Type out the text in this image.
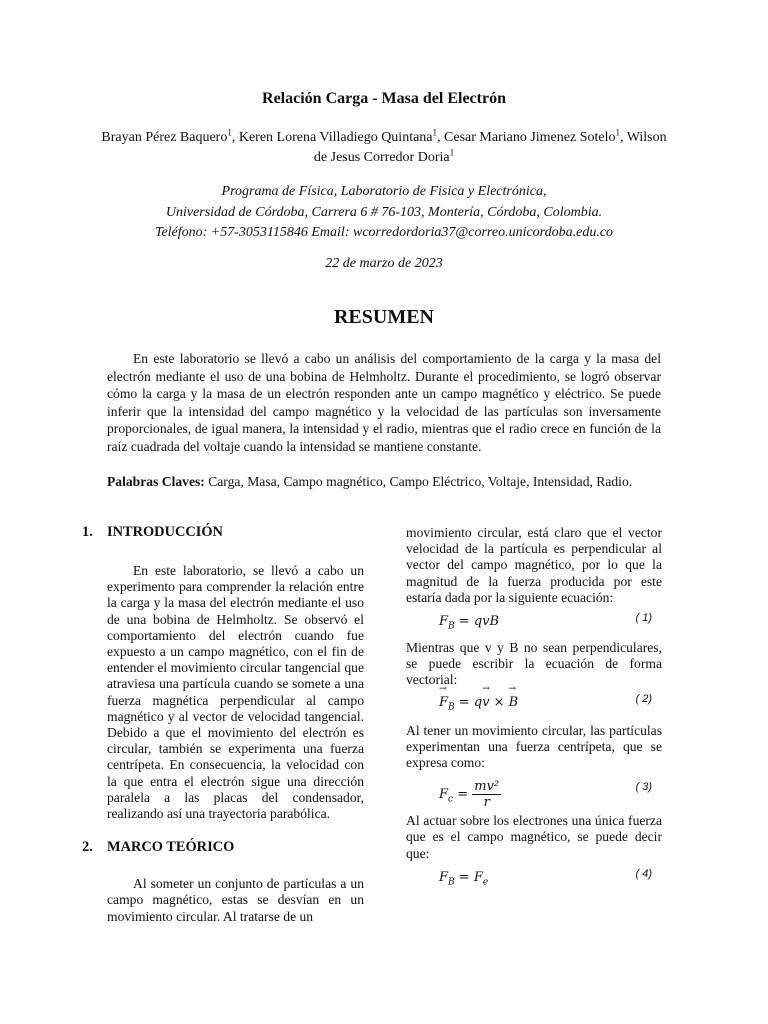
Relación Carga - Masa del Electrón
Brayan Pérez Baquero$^1$, Keren Lorena Villadiego Quintana$^1$, Cesar Mariano Jimenez Sotelo$^1$, Wilson de Jesus Corredor Doria$^1$
Programa de Física, Laboratorio de Fisica y Electrónica,
Universidad de Córdoba, Carrera 6 # 76-103, Montería, Córdoba, Colombia.
Teléfono: +57-3053115846 Email: wcorredordoria37@correo.unicordoba.edu.co
22 de marzo de 2023
RESUMEN

En este laboratorio se llevó a cabo un análisis del comportamiento de la carga y la masa del electrón mediante el uso de una bobina de Helmholtz. Durante el procedimiento, se logró observar cómo la carga y la masa de un electrón responden ante un campo magnético y eléctrico. Se puede inferir que la intensidad del campo magnético y la velocidad de las partículas son inversamente proporcionales, de igual manera, la intensidad y el radio, mientras que el radio crece en función de la raíz cuadrada del voltaje cuando la intensidad se mantiene constante.

Palabras Claves: Carga, Masa, Campo magnético, Campo Eléctrico, Voltaje, Intensidad, Radio.

1. INTRODUCCIÓN

En este laboratorio, se llevó a cabo un experimento para comprender la relación entre la carga y la masa del electrón mediante el uso de una bobina de Helmholtz. Se observó el comportamiento del electrón cuando fue expuesto a un campo magnético, con el fin de entender el movimiento circular tangencial que atraviesa una partícula cuando se somete a una fuerza magnética perpendicular al campo magnético y al vector de velocidad tangencial. Debido a que el movimiento del electrón es circular, también se experimenta una fuerza centrípeta. En consecuencia, la velocidad con la que entra el electrón sigue una dirección paralela a las placas del condensador, realizando así una trayectoria parabólica.

2. MARCO TEÓRICO

Al someter un conjunto de partículas a un campo magnético, estas se desvían en un movimiento circular. Al tratarse de un

movimiento circular, está claro que el vector velocidad de la partícula es perpendicular al vector del campo magnético, por lo que la magnitud de la fuerza producida por este estaría dada por la siguiente ecuación:

$F_B$ = qvB	( 1)

Mientras que v y B no sean perpendiculares, se puede escribir la ecuación de forma vectorial:

→ $F_B = q\to v$ × → B	( 2)

Al tener un movimiento circular, las partículas experimentan una fuerza centrípeta, que se expresa como:

$F_c = \frac{\text{mv²}}{r}$	( 3)

Al actuar sobre los electrones una única fuerza que es el campo magnético, se puede decir que:

$F_B = F_e$
( 4)
